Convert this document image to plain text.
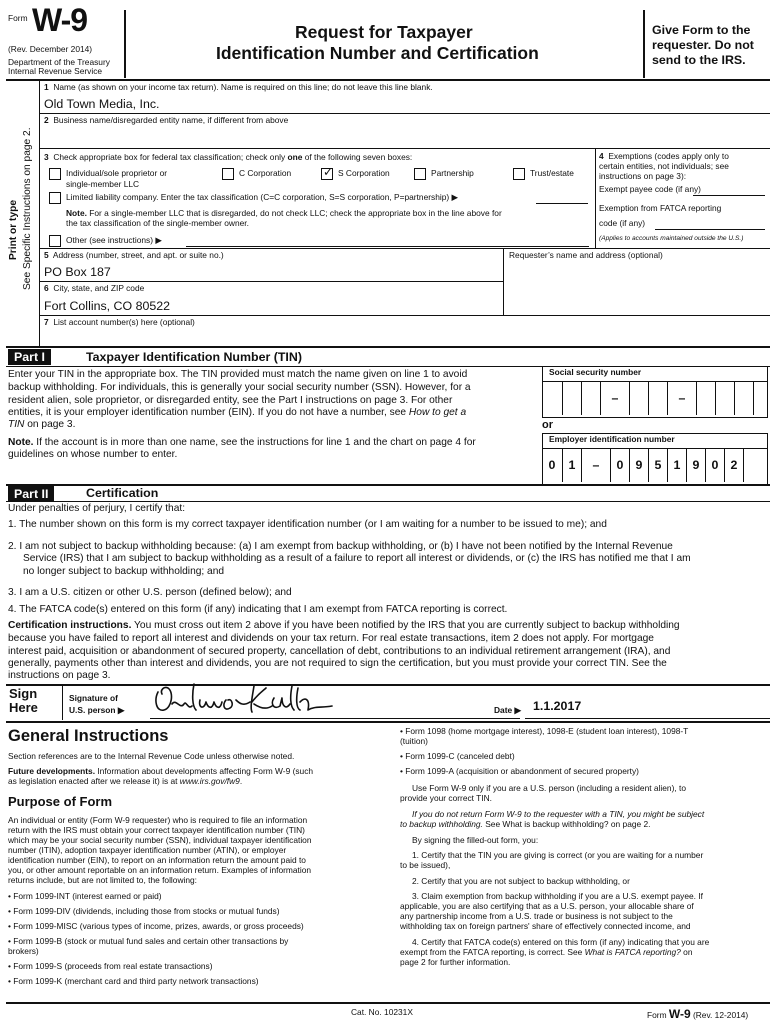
Form W-9
(Rev. December 2014)
Department of the Treasury
Internal Revenue Service
Request for Taxpayer
Identification Number and Certification
Give Form to the
requester. Do not
send to the IRS.
Print or type See Specific Instructions on page 2.
1 Name (as shown on your income tax return). Name is required on this line; do not leave this line blank.
Old Town Media, Inc.
2 Business name/disregarded entity name, if different from above
3 Check appropriate box for federal tax classification; check only one of the following seven boxes:
Individual/sole proprietor or
single-member LLC
C Corporation	✓ S Corporation	Partnership	Trust/estate
Limited liability company. Enter the tax classification (C=C corporation, S=S corporation, P=partnership) ▶
Note. For a single-member LLC that is disregarded, do not check LLC; check the appropriate box in the line above for
the tax classification of the single-member owner.
Other (see instructions) ▶
4 Exemptions (codes apply only to
certain entities, not individuals; see
instructions on page 3):
Exempt payee code (if any)
Exemption from FATCA reporting
code (if any)
(Applies to accounts maintained outside the U.S.)
5 Address (number, street, and apt. or suite no.)
PO Box 187
Requester’s name and address (optional)
6 City, state, and ZIP code
Fort Collins, CO 80522
7 List account number(s) here (optional)
Part I	Taxpayer Identification Number (TIN)
Enter your TIN in the appropriate box. The TIN provided must match the name given on line 1 to avoid
backup withholding. For individuals, this is generally your social security number (SSN). However, for a
resident alien, sole proprietor, or disregarded entity, see the Part I instructions on page 3. For other
entities, it is your employer identification number (EIN). If you do not have a number, see How to get a
TIN on page 3.
Note. If the account is in more than one name, see the instructions for line 1 and the chart on page 4 for
guidelines on whose number to enter.
Social security number
–	–
or
Employer identification number
0	1	–	0 9 5 1 9 0 2
Part II	Certification
Under penalties of perjury, I certify that:
1. The number shown on this form is my correct taxpayer identification number (or I am waiting for a number to be issued to me); and
2. I am not subject to backup withholding because: (a) I am exempt from backup withholding, or (b) I have not been notified by the Internal Revenue
Service (IRS) that I am subject to backup withholding as a result of a failure to report all interest or dividends, or (c) the IRS has notified me that I am
no longer subject to backup withholding; and
3. I am a U.S. citizen or other U.S. person (defined below); and
4. The FATCA code(s) entered on this form (if any) indicating that I am exempt from FATCA reporting is correct.
Certification instructions. You must cross out item 2 above if you have been notified by the IRS that you are currently subject to backup withholding
because you have failed to report all interest and dividends on your tax return. For real estate transactions, item 2 does not apply. For mortgage
interest paid, acquisition or abandonment of secured property, cancellation of debt, contributions to an individual retirement arrangement (IRA), and
generally, payments other than interest and dividends, you are not required to sign the certification, but you must provide your correct TIN. See the
instructions on page 3.
Sign
Here
Signature of
U.S. person ▶	Date ▶ 1.1.2017
General Instructions
Section references are to the Internal Revenue Code unless otherwise noted.
Future developments. Information about developments affecting Form W-9 (such
as legislation enacted after we release it) is at www.irs.gov/fw9.
Purpose of Form
An individual or entity (Form W-9 requester) who is required to file an information
return with the IRS must obtain your correct taxpayer identification number (TIN)
which may be your social security number (SSN), individual taxpayer identification
number (ITIN), adoption taxpayer identification number (ATIN), or employer
identification number (EIN), to report on an information return the amount paid to
you, or other amount reportable on an information return. Examples of information
returns include, but are not limited to, the following:
• Form 1099-INT (interest earned or paid)
• Form 1099-DIV (dividends, including those from stocks or mutual funds)
• Form 1099-MISC (various types of income, prizes, awards, or gross proceeds)
• Form 1099-B (stock or mutual fund sales and certain other transactions by
brokers)
• Form 1099-S (proceeds from real estate transactions)
• Form 1099-K (merchant card and third party network transactions)
• Form 1098 (home mortgage interest), 1098-E (student loan interest), 1098-T
(tuition)
• Form 1099-C (canceled debt)
• Form 1099-A (acquisition or abandonment of secured property)
Use Form W-9 only if you are a U.S. person (including a resident alien), to
provide your correct TIN.
If you do not return Form W-9 to the requester with a TIN, you might be subject
to backup withholding. See What is backup withholding? on page 2.
By signing the filled-out form, you:
1. Certify that the TIN you are giving is correct (or you are waiting for a number
to be issued),
2. Certify that you are not subject to backup withholding, or
3. Claim exemption from backup withholding if you are a U.S. exempt payee. If
applicable, you are also certifying that as a U.S. person, your allocable share of
any partnership income from a U.S. trade or business is not subject to the
withholding tax on foreign partners' share of effectively connected income, and
4. Certify that FATCA code(s) entered on this form (if any) indicating that you are
exempt from the FATCA reporting, is correct. See What is FATCA reporting? on
page 2 for further information.
Cat. No. 10231X	Form W-9 (Rev. 12-2014)
